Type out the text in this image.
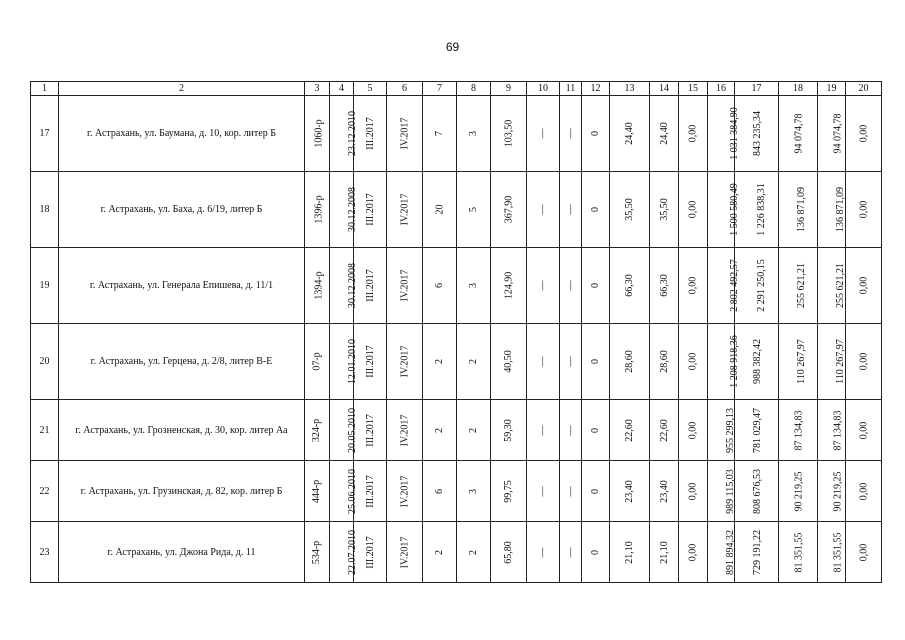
69
1	2	3	4	5	6	7	8	9	10	11	12	13	14	15	16	17	18	19	20
17	г. Астрахань, ул. Баумана, д. 10, кор. литер Б	1060-р	23.12.2010	III.2017	IV.2017	7	3	103,50	—	—	0	24,40	24,40	0,00	1 031 384,90	843 235,34	94 074,78	94 074,78	0,00
18	г. Астрахань, ул. Баха, д. 6/19, литер Б	1396-р	30.12.2008	III.2017	IV.2017	20	5	367,90	—	—	0	35,50	35,50	0,00	1 500 580,49	1 226 838,31	136 871,09	136 871,09	0,00
19	г. Астрахань, ул. Генерала Епишева, д. 11/1	1394-р	30.12.2008	III.2017	IV.2017	6	3	124,90	—	—	0	66,30	66,30	0,00	2 802 492,57	2 291 250,15	255 621,21	255 621,21	0,00
20	г. Астрахань, ул. Герцена, д. 2/8, литер В-Е	07-р	12.01.2010	III.2017	IV.2017	2	2	40,50	—	—	0	28,60	28,60	0,00	1 208 918,36	988 382,42	110 267,97	110 267,97	0,00
21	г. Астрахань, ул. Грозненская, д. 30, кор. литер Аа	324-р	20.05.2010	III.2017	IV.2017	2	2	59,30	—	—	0	22,60	22,60	0,00	955 299,13	781 029,47	87 134,83	87 134,83	0,00
22	г. Астрахань, ул. Грузинская, д. 82, кор. литер Б	444-р	25.06.2010	III.2017	IV.2017	6	3	99,75	—	—	0	23,40	23,40	0,00	989 115,03	808 676,53	90 219,25	90 219,25	0,00
23	г. Астрахань, ул. Джона Рида, д. 11	534-р	22.07.2010	III.2017	IV.2017	2	2	65,80	—	—	0	21,10	21,10	0,00	891 894,32	729 191,22	81 351,55	81 351,55	0,00
